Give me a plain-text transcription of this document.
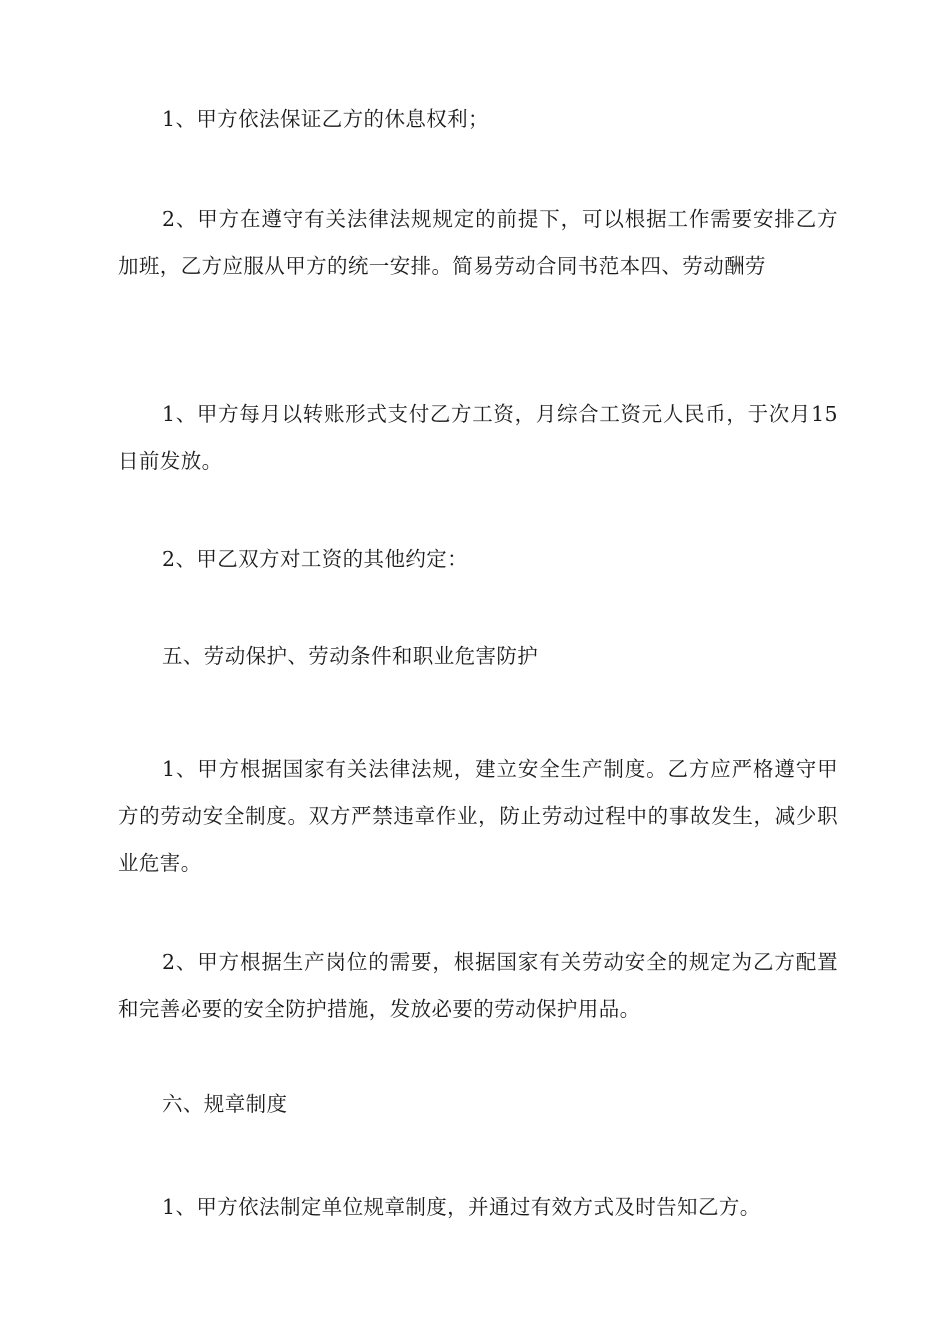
1、甲方依法保证乙方的休息权利；

2、甲方在遵守有关法律法规规定的前提下，可以根据工作需要安排乙方加班，乙方应服从甲方的统一安排。简易劳动合同书范本四、劳动酬劳

1、甲方每月以转账形式支付乙方工资，月综合工资元人民币，于次月15日前发放。

2、甲乙双方对工资的其他约定：

五、劳动保护、劳动条件和职业危害防护

1、甲方根据国家有关法律法规，建立安全生产制度。乙方应严格遵守甲方的劳动安全制度。双方严禁违章作业，防止劳动过程中的事故发生，减少职业危害。

2、甲方根据生产岗位的需要，根据国家有关劳动安全的规定为乙方配置和完善必要的安全防护措施，发放必要的劳动保护用品。

六、规章制度

1、甲方依法制定单位规章制度，并通过有效方式及时告知乙方。
